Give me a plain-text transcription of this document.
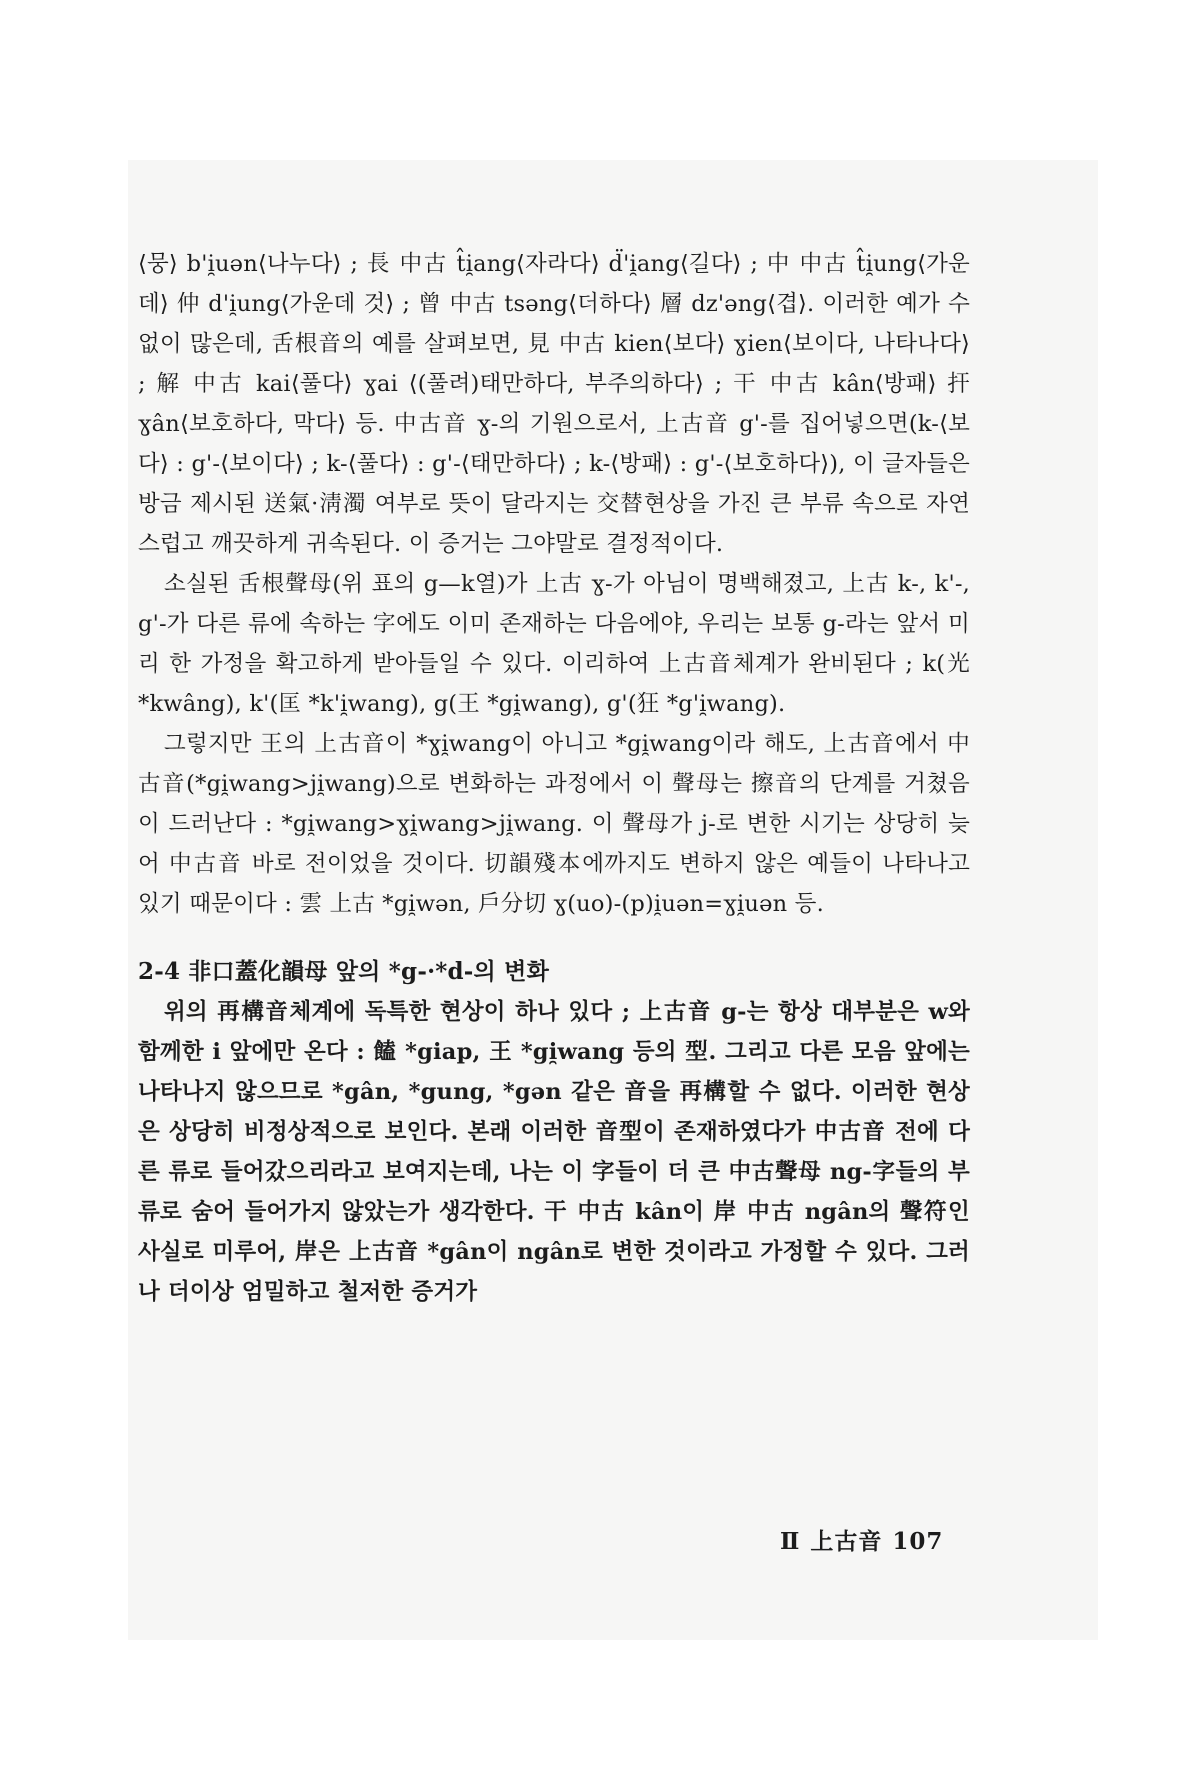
⟨뭉⟩ b'i̯uən⟨나누다⟩ ; 長 中古 t̂i̯ang⟨자라다⟩ d̈'i̯ang⟨길다⟩ ; 中 中古 t̂i̯ung⟨가운데⟩ 仲 d'i̯ung⟨가운데 것⟩ ; 曾 中古 tsəng⟨더하다⟩ 層 dz'əng⟨겹⟩. 이러한 예가 수없이 많은데, 舌根音의 예를 살펴보면, 見 中古 kien⟨보다⟩ ɣien⟨보이다, 나타나다⟩ ; 解 中古 kai⟨풀다⟩ ɣai ⟨(풀려)태만하다, 부주의하다⟩ ; 干 中古 kân⟨방패⟩ 扞 ɣân⟨보호하다, 막다⟩ 등. 中古音 ɣ-의 기원으로서, 上古音 g'-를 집어넣으면(k-⟨보다⟩ : g'-⟨보이다⟩ ; k-⟨풀다⟩ : g'-⟨태만하다⟩ ; k-⟨방패⟩ : g'-⟨보호하다⟩), 이 글자들은 방금 제시된 送氣·淸濁 여부로 뜻이 달라지는 交替현상을 가진 큰 부류 속으로 자연스럽고 깨끗하게 귀속된다. 이 증거는 그야말로 결정적이다.

소실된 舌根聲母(위 표의 g—k열)가 上古 ɣ-가 아님이 명백해졌고, 上古 k-, k'-, g'-가 다른 류에 속하는 字에도 이미 존재하는 다음에야, 우리는 보통 g-라는 앞서 미리 한 가정을 확고하게 받아들일 수 있다. 이리하여 上古音체계가 완비된다 ; k(光 *kwâng), k'(匡 *k'i̯wang), g(王 *gi̯wang), g'(狂 *g'i̯wang).

그렇지만 王의 上古音이 *ɣi̯wang이 아니고 *gi̯wang이라 해도, 上古音에서 中古音(*gi̯wang>ji̯wang)으로 변화하는 과정에서 이 聲母는 擦音의 단계를 거쳤음이 드러난다 : *gi̯wang>ɣi̯wang>ji̯wang. 이 聲母가 j-로 변한 시기는 상당히 늦어 中古音 바로 전이었을 것이다. 切韻殘本에까지도 변하지 않은 예들이 나타나고 있기 때문이다 : 雲 上古 *gi̯wən, 戶分切 ɣ(uo)-(p)i̯uən=ɣi̯uən 등.

2-4 非口蓋化韻母 앞의 *g-·*d-의 변화

위의 再構音체계에 독특한 현상이 하나 있다 ; 上古音 g-는 항상 대부분은 w와 함께한 i 앞에만 온다 : 饁 *giap, 王 *gi̯wang 등의 型. 그리고 다른 모음 앞에는 나타나지 않으므로 *gân, *gung, *gən 같은 音을 再構할 수 없다. 이러한 현상은 상당히 비정상적으로 보인다. 본래 이러한 音型이 존재하였다가 中古音 전에 다른 류로 들어갔으리라고 보여지는데, 나는 이 字들이 더 큰 中古聲母 ng-字들의 부류로 숨어 들어가지 않았는가 생각한다. 干 中古 kân이 岸 中古 ngân의 聲符인 사실로 미루어, 岸은 上古音 *gân이 ngân로 변한 것이라고 가정할 수 있다. 그러나 더이상 엄밀하고 철저한 증거가

Ⅱ 上古音 107
